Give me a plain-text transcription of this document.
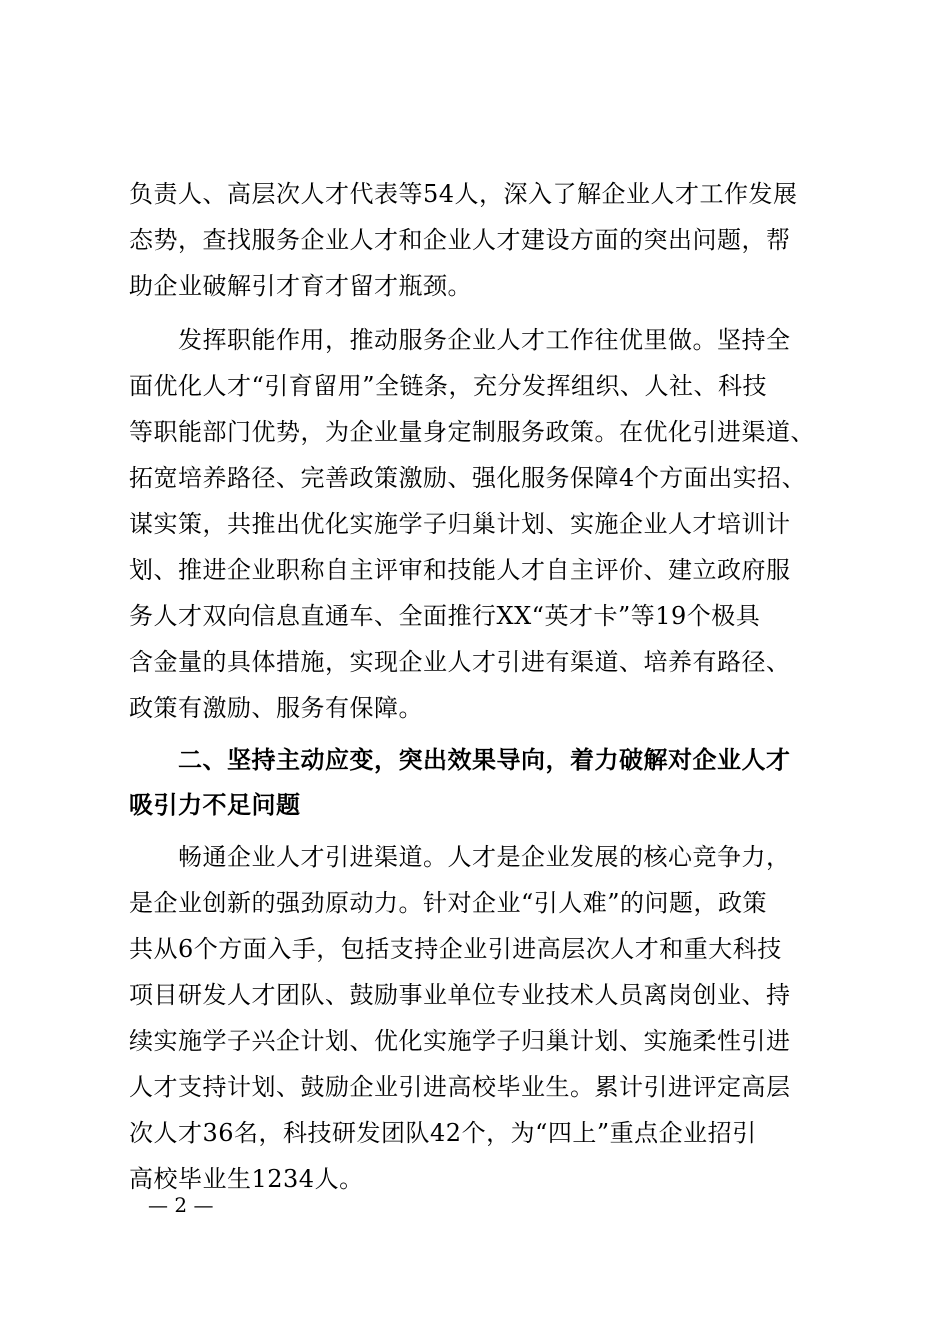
负责人、高层次人才代表等54人，深入了解企业人才工作发展
态势，查找服务企业人才和企业人才建设方面的突出问题，帮
助企业破解引才育才留才瓶颈。
　　发挥职能作用，推动服务企业人才工作往优里做。坚持全
面优化人才“引育留用”全链条，充分发挥组织、人社、科技
等职能部门优势，为企业量身定制服务政策。在优化引进渠道、
拓宽培养路径、完善政策激励、强化服务保障4个方面出实招、
谋实策，共推出优化实施学子归巢计划、实施企业人才培训计
划、推进企业职称自主评审和技能人才自主评价、建立政府服
务人才双向信息直通车、全面推行XX“英才卡”等19个极具
含金量的具体措施，实现企业人才引进有渠道、培养有路径、
政策有激励、服务有保障。
　　二、坚持主动应变，突出效果导向，着力破解对企业人才
吸引力不足问题
　　畅通企业人才引进渠道。人才是企业发展的核心竞争力，
是企业创新的强劲原动力。针对企业“引人难”的问题，政策
共从6个方面入手，包括支持企业引进高层次人才和重大科技
项目研发人才团队、鼓励事业单位专业技术人员离岗创业、持
续实施学子兴企计划、优化实施学子归巢计划、实施柔性引进
人才支持计划、鼓励企业引进高校毕业生。累计引进评定高层
次人才36名，科技研发团队42个，为“四上”重点企业招引
高校毕业生1234人。
— 2 —
